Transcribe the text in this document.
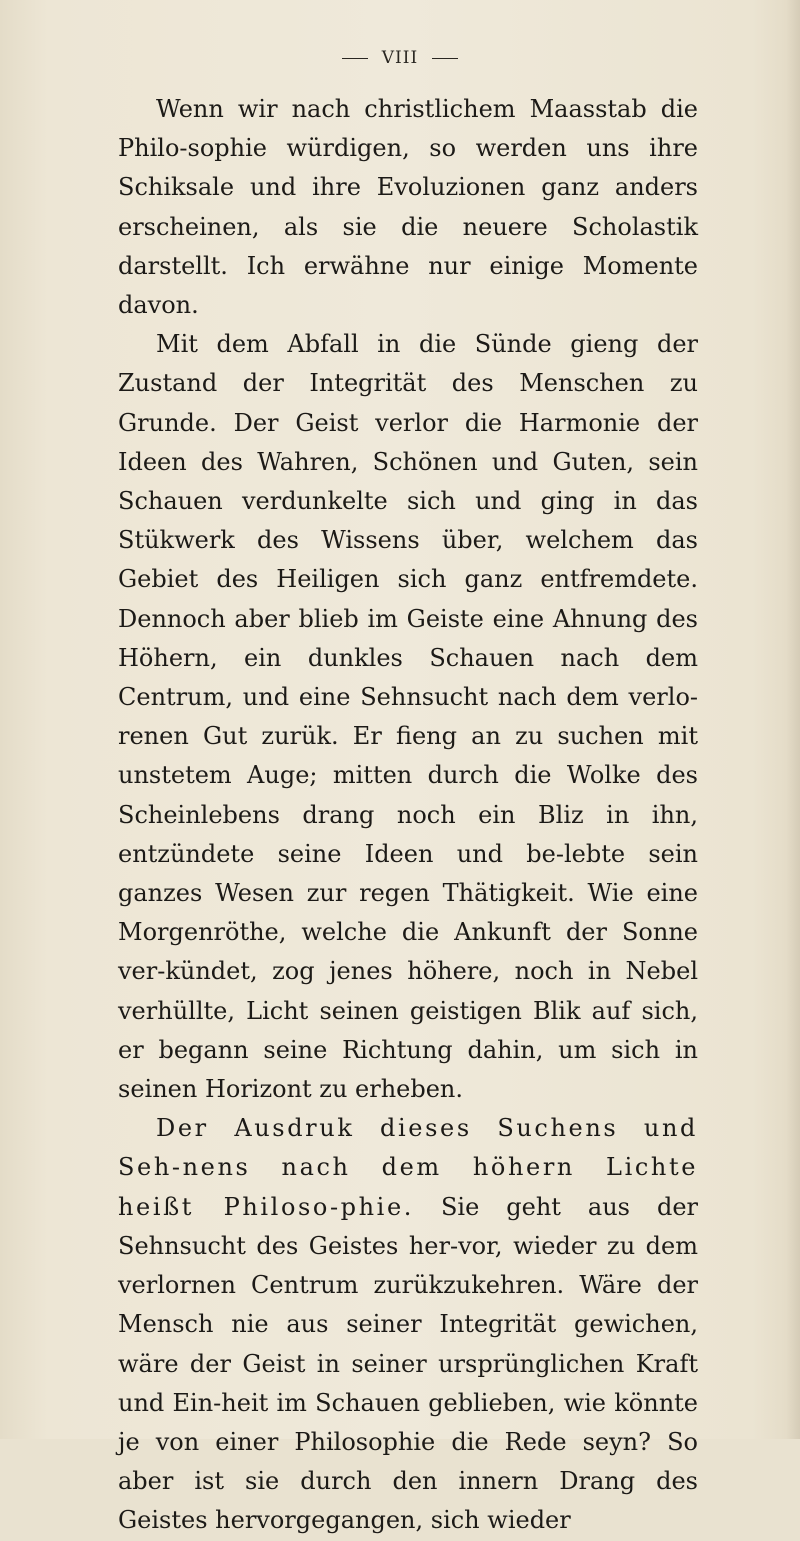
VIII

Wenn wir nach christlichem Maasstab die Philo-sophie würdigen, so werden uns ihre Schiksale und ihre Evoluzionen ganz anders erscheinen, als sie die neuere Scholastik darstellt. Ich erwähne nur einige Momente davon.

Mit dem Abfall in die Sünde gieng der Zustand der Integrität des Menschen zu Grunde. Der Geist verlor die Harmonie der Ideen des Wahren, Schönen und Guten, sein Schauen verdunkelte sich und ging in das Stükwerk des Wissens über, welchem das Gebiet des Heiligen sich ganz entfremdete. Dennoch aber blieb im Geiste eine Ahnung des Höhern, ein dunkles Schauen nach dem Centrum, und eine Sehnsucht nach dem verlo-renen Gut zurük. Er fieng an zu suchen mit unstetem Auge; mitten durch die Wolke des Scheinlebens drang noch ein Bliz in ihn, entzündete seine Ideen und be-lebte sein ganzes Wesen zur regen Thätigkeit. Wie eine Morgenröthe, welche die Ankunft der Sonne ver-kündet, zog jenes höhere, noch in Nebel verhüllte, Licht seinen geistigen Blik auf sich, er begann seine Richtung dahin, um sich in seinen Horizont zu erheben.

Der Ausdruk dieses Suchens und Seh-nens nach dem höhern Lichte heißt Philoso-phie. Sie geht aus der Sehnsucht des Geistes her-vor, wieder zu dem verlornen Centrum zurükzukehren. Wäre der Mensch nie aus seiner Integrität gewichen, wäre der Geist in seiner ursprünglichen Kraft und Ein-heit im Schauen geblieben, wie könnte je von einer Philosophie die Rede seyn? So aber ist sie durch den innern Drang des Geistes hervorgegangen, sich wieder
